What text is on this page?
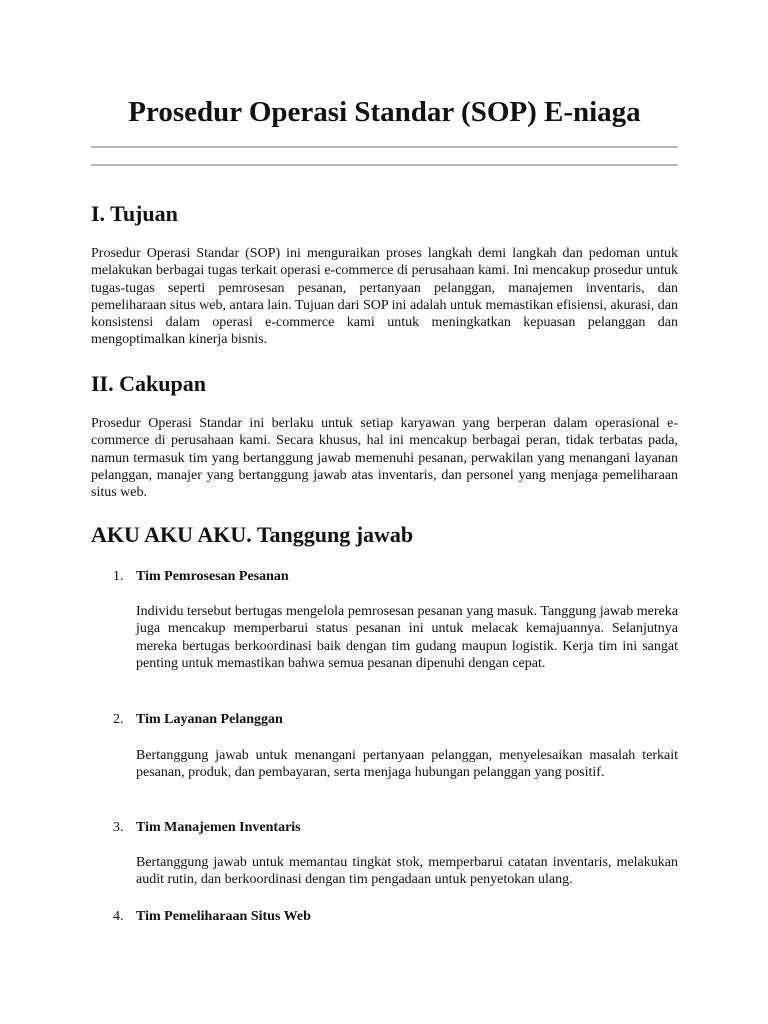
Prosedur Operasi Standar (SOP) E-niaga
I. Tujuan

Prosedur Operasi Standar (SOP) ini menguraikan proses langkah demi langkah dan pedoman untuk melakukan berbagai tugas terkait operasi e-commerce di perusahaan kami. Ini mencakup prosedur untuk tugas-tugas seperti pemrosesan pesanan, pertanyaan pelanggan, manajemen inventaris, dan pemeliharaan situs web, antara lain. Tujuan dari SOP ini adalah untuk memastikan efisiensi, akurasi, dan konsistensi dalam operasi e-commerce kami untuk meningkatkan kepuasan pelanggan dan mengoptimalkan kinerja bisnis.

II. Cakupan

Prosedur Operasi Standar ini berlaku untuk setiap karyawan yang berperan dalam operasional e-commerce di perusahaan kami. Secara khusus, hal ini mencakup berbagai peran, tidak terbatas pada, namun termasuk tim yang bertanggung jawab memenuhi pesanan, perwakilan yang menangani layanan pelanggan, manajer yang bertanggung jawab atas inventaris, dan personel yang menjaga pemeliharaan situs web.

AKU AKU AKU. Tanggung jawab
1. Tim Pemrosesan Pesanan

Individu tersebut bertugas mengelola pemrosesan pesanan yang masuk. Tanggung jawab mereka juga mencakup memperbarui status pesanan ini untuk melacak kemajuannya. Selanjutnya mereka bertugas berkoordinasi baik dengan tim gudang maupun logistik. Kerja tim ini sangat penting untuk memastikan bahwa semua pesanan dipenuhi dengan cepat.

2. Tim Layanan Pelanggan

Bertanggung jawab untuk menangani pertanyaan pelanggan, menyelesaikan masalah terkait pesanan, produk, dan pembayaran, serta menjaga hubungan pelanggan yang positif.

3. Tim Manajemen Inventaris

Bertanggung jawab untuk memantau tingkat stok, memperbarui catatan inventaris, melakukan audit rutin, dan berkoordinasi dengan tim pengadaan untuk penyetokan ulang.

4. Tim Pemeliharaan Situs Web
